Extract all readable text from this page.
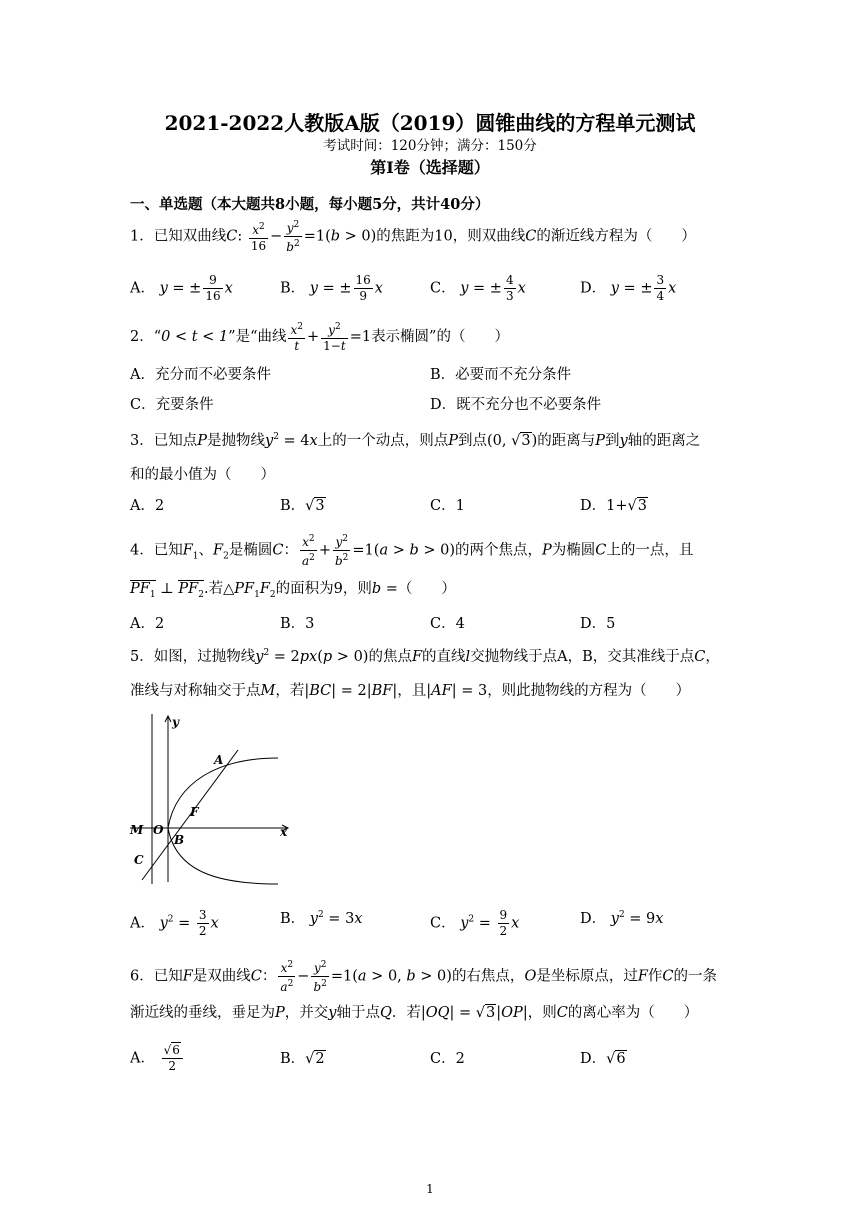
2021-2022人教版A版（2019）圆锥曲线的方程单元测试
考试时间：120分钟；满分：150分
第Ⅰ卷（选择题）
一、单选题（本大题共8小题，每小题5分，共计40分）
1．已知双曲线C: $\frac{x^2}{16} - \frac{y^2}{b^2} =1(b > 0)$的焦距为10，则双曲线C的渐近线方程为（　　）
A． y = ± $\frac{9}{16}$ x	B． y = ± $\frac{16}{9}$ x	C． y = ± $\frac{4}{3}$ x	D． y = ± $\frac{3}{4}$ x
2．“0 < t < 1”是“曲线 $\frac{x^2}{t} + \frac{y^2}{1-t} =1$表示椭圆”的（　　）
A．充分而不必要条件	B．必要而不充分条件
C．充要条件	D．既不充分也不必要条件
3．已知点P是抛物线$y^2 = 4x$上的一个动点，则点P到点(0, √3)的距离与P到y轴的距离之
和的最小值为（　　）
A．2	B．√3	C．1	D．1+√3
4．已知$F_1$、$F_2$是椭圆C： $\frac{x^2}{a^2} + \frac{y^2}{b^2} =1(a > b > 0)$的两个焦点，P为椭圆C上的一点，且
$PF_1$ ⊥ $PF_2$.若$\triangle PF_1F_2$的面积为9，则b =（　　）
A．2	B．3	C．4	D．5
5．如图，过抛物线$y^2 = 2px(p > 0)$的焦点F的直线l交抛物线于点A，B，交其准线于点C，
准线与对称轴交于点M，若|BC| = 2|BF|，且|AF| = 3，则此抛物线的方程为（　　）
y
A
F
M O
B
x
C
A． $y^2 = \frac{3}{2}$ x	B． $y^2 = 3x$	C． $y^2 = \frac{9}{2}$ x	D． $y^2 = 9x$
6．已知F是双曲线C： $\frac{x^2}{a^2} - \frac{y^2}{b^2} =1(a > 0$, b > 0)的右焦点，O是坐标原点，过F作C的一条
渐近线的垂线，垂足为P，并交y轴于点Q．若|OQ| = √3|OP|，则C的离心率为（　　）
A． $\frac{√6}{2}$	B．√2	C．2	D．√6
1
